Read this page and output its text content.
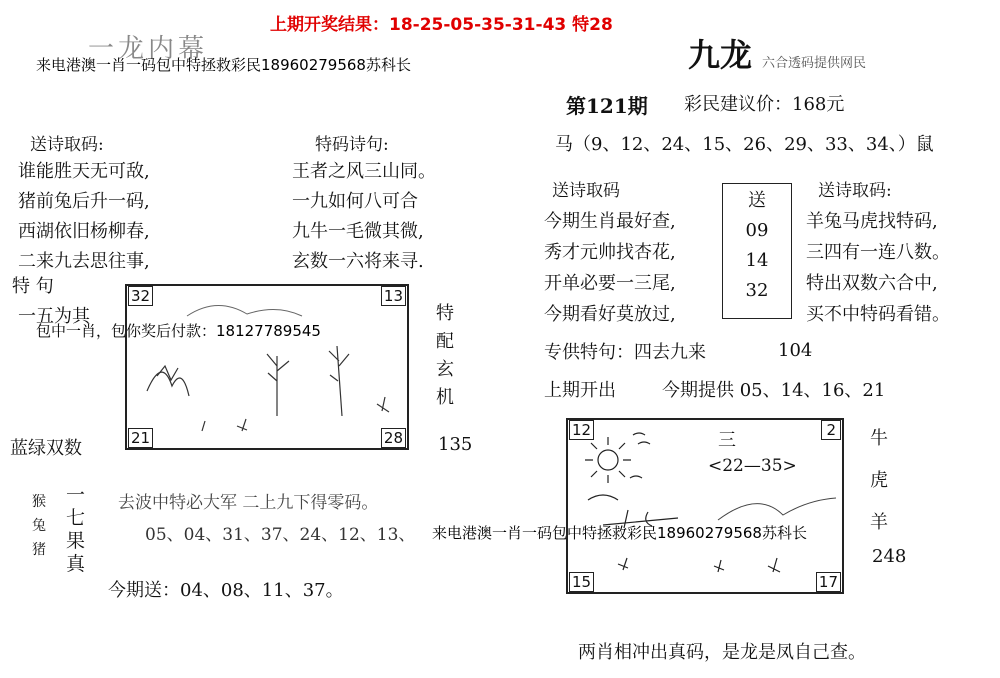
上期开奖结果：18-25-05-35-31-43 特28
一龙内幕
来电港澳一肖一码包中特拯救彩民18960279568苏科长
送诗取码:	特码诗句:
谁能胜天无可敌,
猪前兔后升一码,
西湖依旧杨柳春,
二来九去思往事,
王者之风三山同。
一九如何八可合
九牛一毛微其微,
玄数一六将来寻.
特 句
一五为其
包中一肖，包你奖后付款：18127789545
32	13
21	28
特
配
玄
机
蓝绿双数	135
猴
兔
猪
一
七
果
真
去波中特必大军 二上九下得零码。
05、04、31、37、24、12、13、
今期送：04、08、11、37。
九龙 六合透码提供网民
第121期 彩民建议价：168元
马（9、12、24、15、26、29、33、34、）鼠
送诗取码	送诗取码:
今期生肖最好查,
秀才元帅找杏花,
开单必要一三尾,
今期看好莫放过,
送
09
14
32
羊兔马虎找特码,
三四有一连八数。
特出双数六合中,
买不中特码看错。
专供特句：四去九来	104
上期开出	今期提供 05、14、16、21
三
<22—35>
12	2
15	17
牛
虎
羊
248
来电港澳一肖一码包中特拯救彩民18960279568苏科长
两肖相冲出真码，是龙是凤自己查。
